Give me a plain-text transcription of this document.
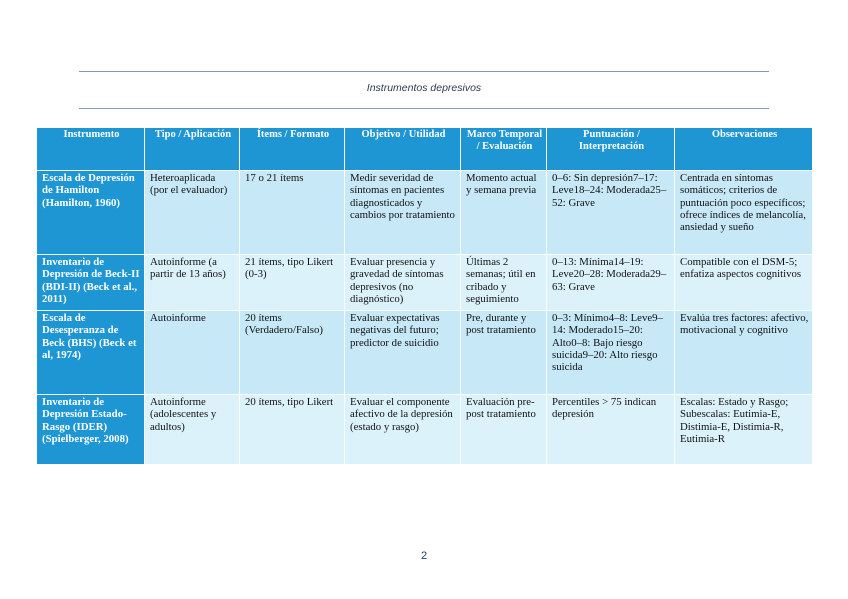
Instrumentos depresivos
Instrumento	Tipo / Aplicación	Ítems / Formato	Objetivo / Utilidad	Marco Temporal / Evaluación	Puntuación / Interpretación	Observaciones
Escala de Depresión de Hamilton (Hamilton, 1960)	Heteroaplicada (por el evaluador)	17 o 21 ítems	Medir severidad de síntomas en pacientes diagnosticados y cambios por tratamiento	Momento actual y semana previa	0–6: Sin depresión7–17: Leve18–24: Moderada25–52: Grave	Centrada en síntomas somáticos; criterios de puntuación poco específicos; ofrece índices de melancolía, ansiedad y sueño
Inventario de Depresión de Beck-II (BDI-II) (Beck et al., 2011)	Autoinforme (a partir de 13 años)	21 ítems, tipo Likert (0-3)	Evaluar presencia y gravedad de síntomas depresivos (no diagnóstico)	Últimas 2 semanas; útil en cribado y seguimiento	0–13: Mínima14–19: Leve20–28: Moderada29–63: Grave	Compatible con el DSM-5; enfatiza aspectos cognitivos
Escala de Desesperanza de Beck (BHS) (Beck et al, 1974)	Autoinforme	20 ítems (Verdadero/Falso)	Evaluar expectativas negativas del futuro; predictor de suicidio	Pre, durante y post tratamiento	0–3: Mínimo4–8: Leve9–14: Moderado15–20: Alto0–8: Bajo riesgo suicida9–20: Alto riesgo suicida	Evalúa tres factores: afectivo, motivacional y cognitivo
Inventario de Depresión Estado-Rasgo (IDER) (Spielberger, 2008)	Autoinforme (adolescentes y adultos)	20 ítems, tipo Likert	Evaluar el componente afectivo de la depresión (estado y rasgo)	Evaluación pre-post tratamiento	Percentiles > 75 indican depresión	Escalas: Estado y Rasgo; Subescalas: Eutimia-E, Distimia-E, Distimia-R, Eutimia-R
2
